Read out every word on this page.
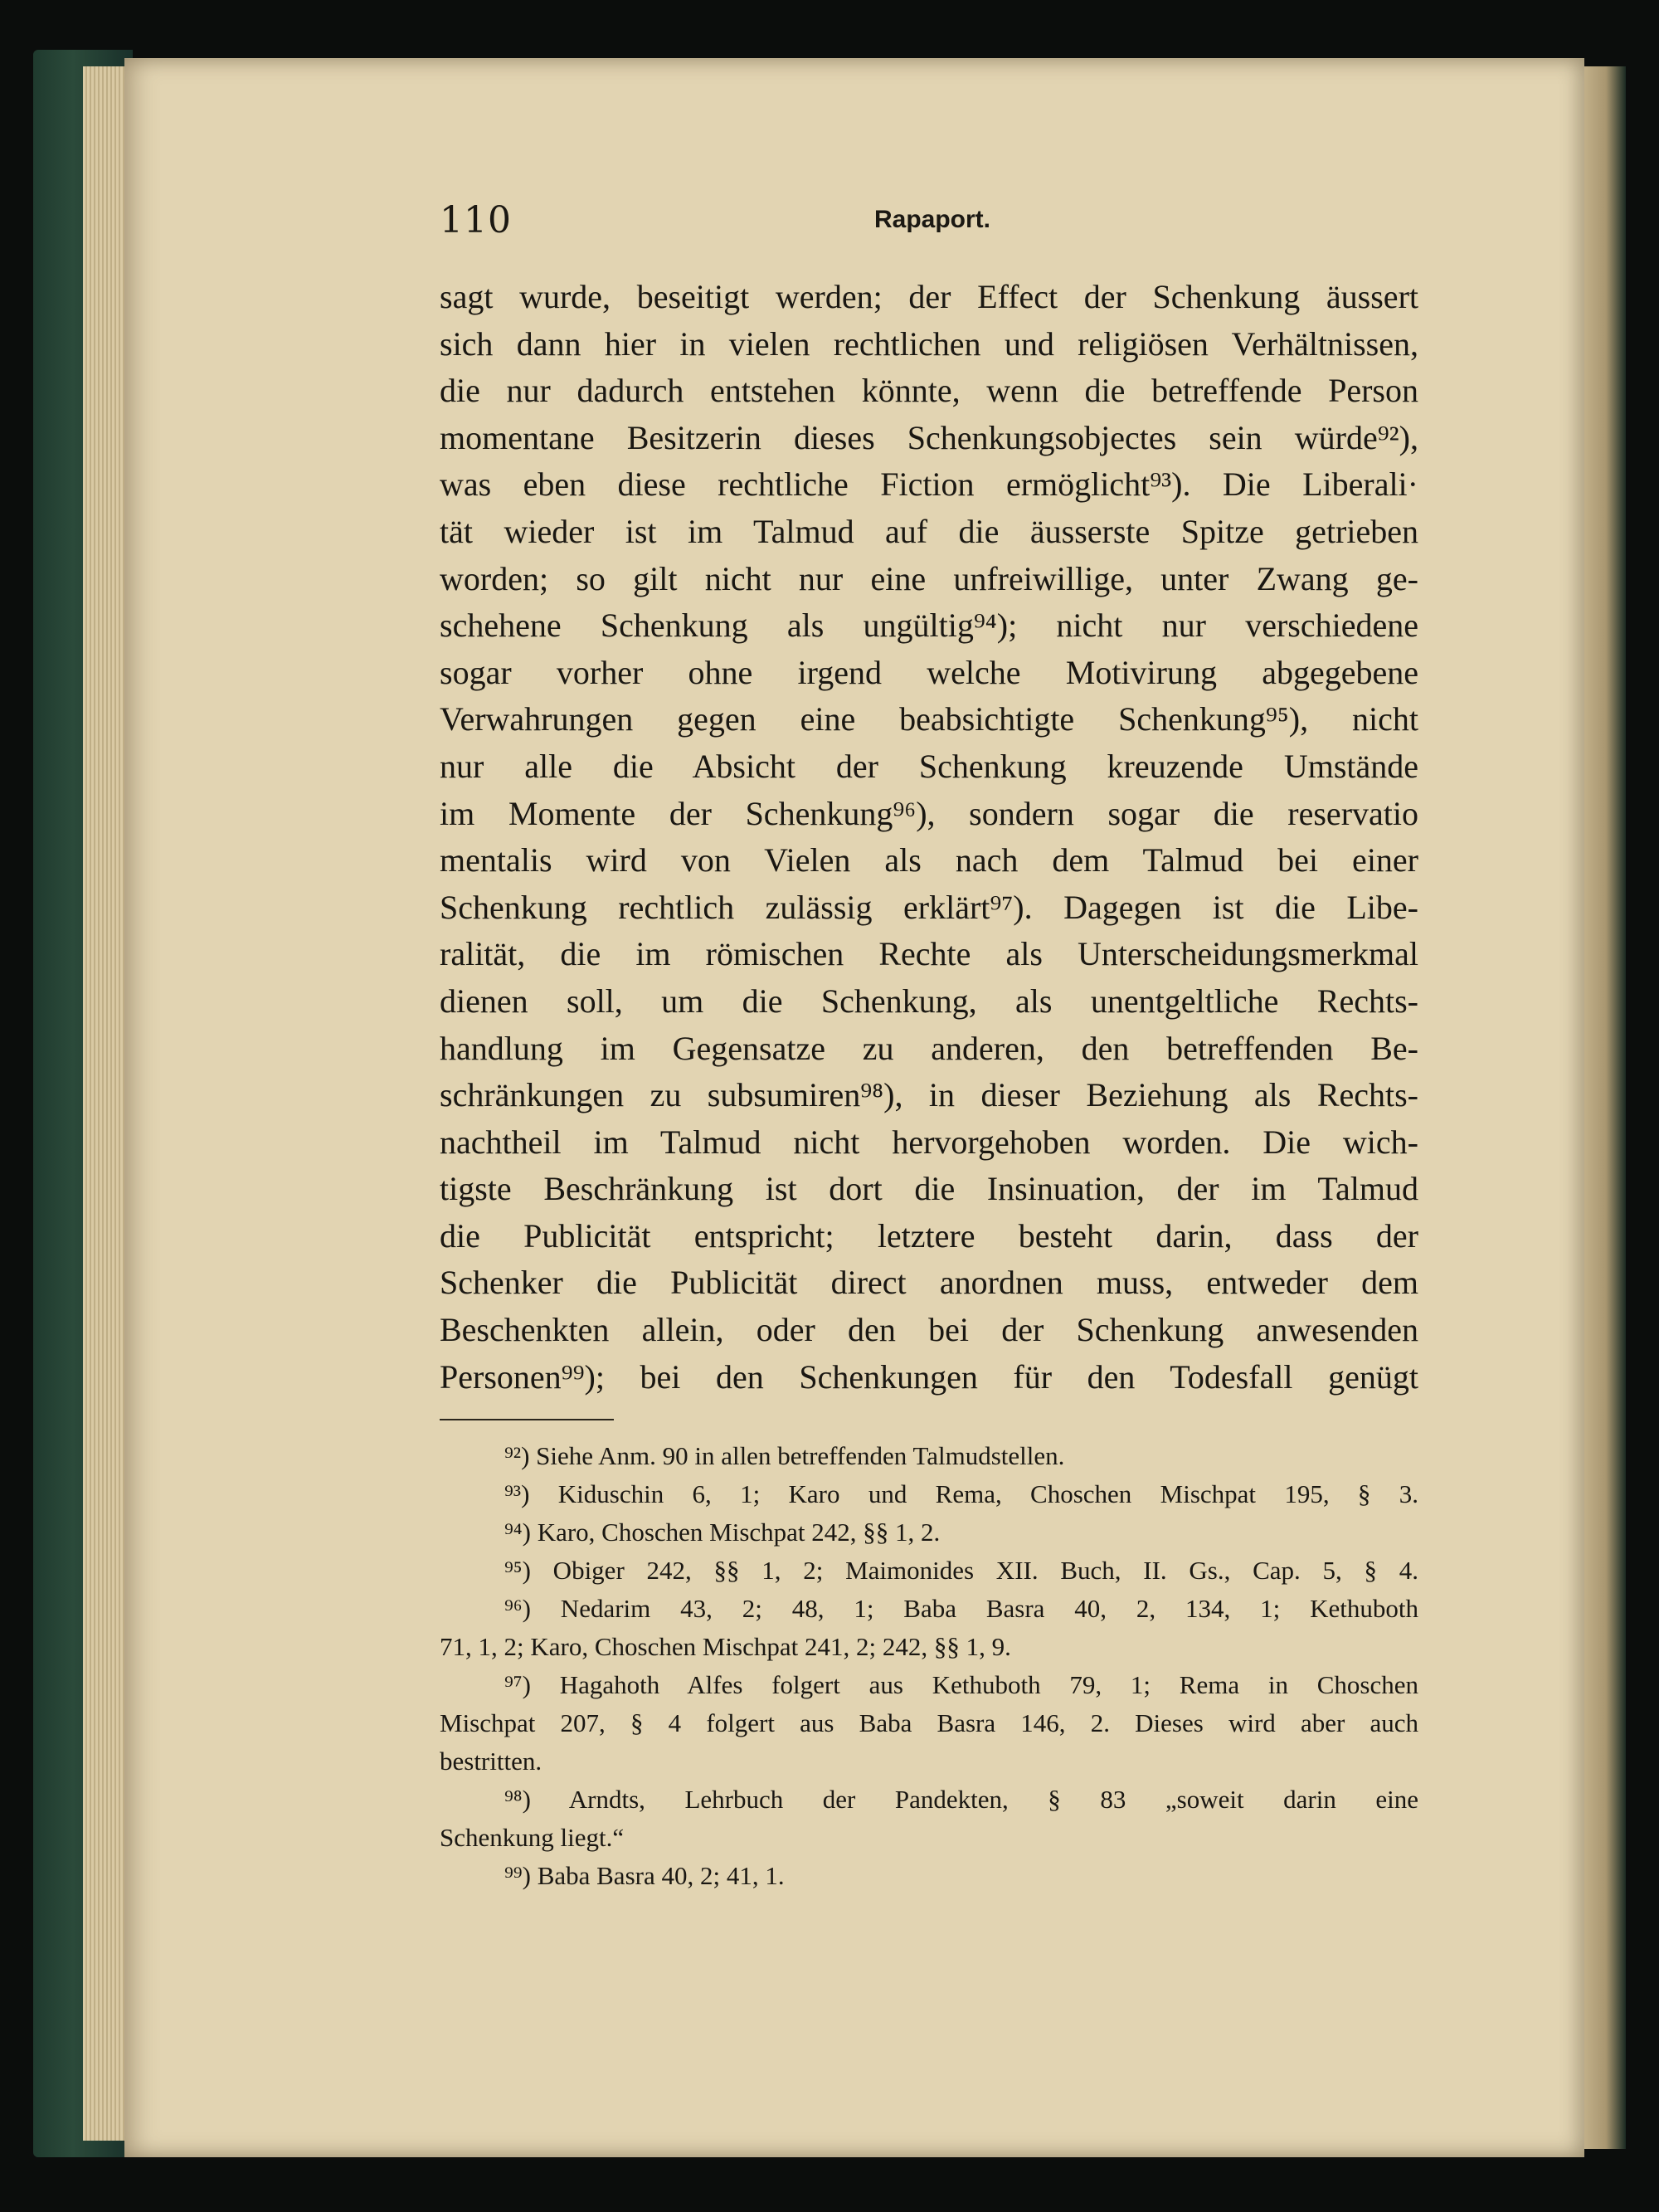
110	Rapaport.
sagt wurde, beseitigt werden; der Effect der Schenkung äussert
sich dann hier in vielen rechtlichen und religiösen Verhältnissen,
die nur dadurch entstehen könnte, wenn die betreffende Person
momentane Besitzerin dieses Schenkungsobjectes sein würde⁹²),
was eben diese rechtliche Fiction ermöglicht⁹³). Die Liberali·
tät wieder ist im Talmud auf die äusserste Spitze getrieben
worden; so gilt nicht nur eine unfreiwillige, unter Zwang ge-
schehene Schenkung als ungültig⁹⁴); nicht nur verschiedene
sogar vorher ohne irgend welche Motivirung abgegebene
Verwahrungen gegen eine beabsichtigte Schenkung⁹⁵), nicht
nur alle die Absicht der Schenkung kreuzende Umstände
im Momente der Schenkung⁹⁶), sondern sogar die reservatio
mentalis wird von Vielen als nach dem Talmud bei einer
Schenkung rechtlich zulässig erklärt⁹⁷). Dagegen ist die Libe-
ralität, die im römischen Rechte als Unterscheidungsmerkmal
dienen soll, um die Schenkung, als unentgeltliche Rechts-
handlung im Gegensatze zu anderen, den betreffenden Be-
schränkungen zu subsumiren⁹⁸), in dieser Beziehung als Rechts-
nachtheil im Talmud nicht hervorgehoben worden. Die wich-
tigste Beschränkung ist dort die Insinuation, der im Talmud
die Publicität entspricht; letztere besteht darin, dass der
Schenker die Publicität direct anordnen muss, entweder dem
Beschenkten allein, oder den bei der Schenkung anwesenden
Personen⁹⁹); bei den Schenkungen für den Todesfall genügt
⁹²) Siehe Anm. 90 in allen betreffenden Talmudstellen.
⁹³) Kiduschin 6, 1; Karo und Rema, Choschen Mischpat 195, § 3.
⁹⁴) Karo, Choschen Mischpat 242, §§ 1, 2.
⁹⁵) Obiger 242, §§ 1, 2; Maimonides XII. Buch, II. Gs., Cap. 5, § 4.
⁹⁶) Nedarim 43, 2; 48, 1; Baba Basra 40, 2, 134, 1; Kethuboth
71, 1, 2; Karo, Choschen Mischpat 241, 2; 242, §§ 1, 9.
⁹⁷) Hagahoth Alfes folgert aus Kethuboth 79, 1; Rema in Choschen
Mischpat 207, § 4 folgert aus Baba Basra 146, 2. Dieses wird aber auch
bestritten.
⁹⁸) Arndts, Lehrbuch der Pandekten, § 83 „soweit darin eine
Schenkung liegt.“
⁹⁹) Baba Basra 40, 2; 41, 1.
